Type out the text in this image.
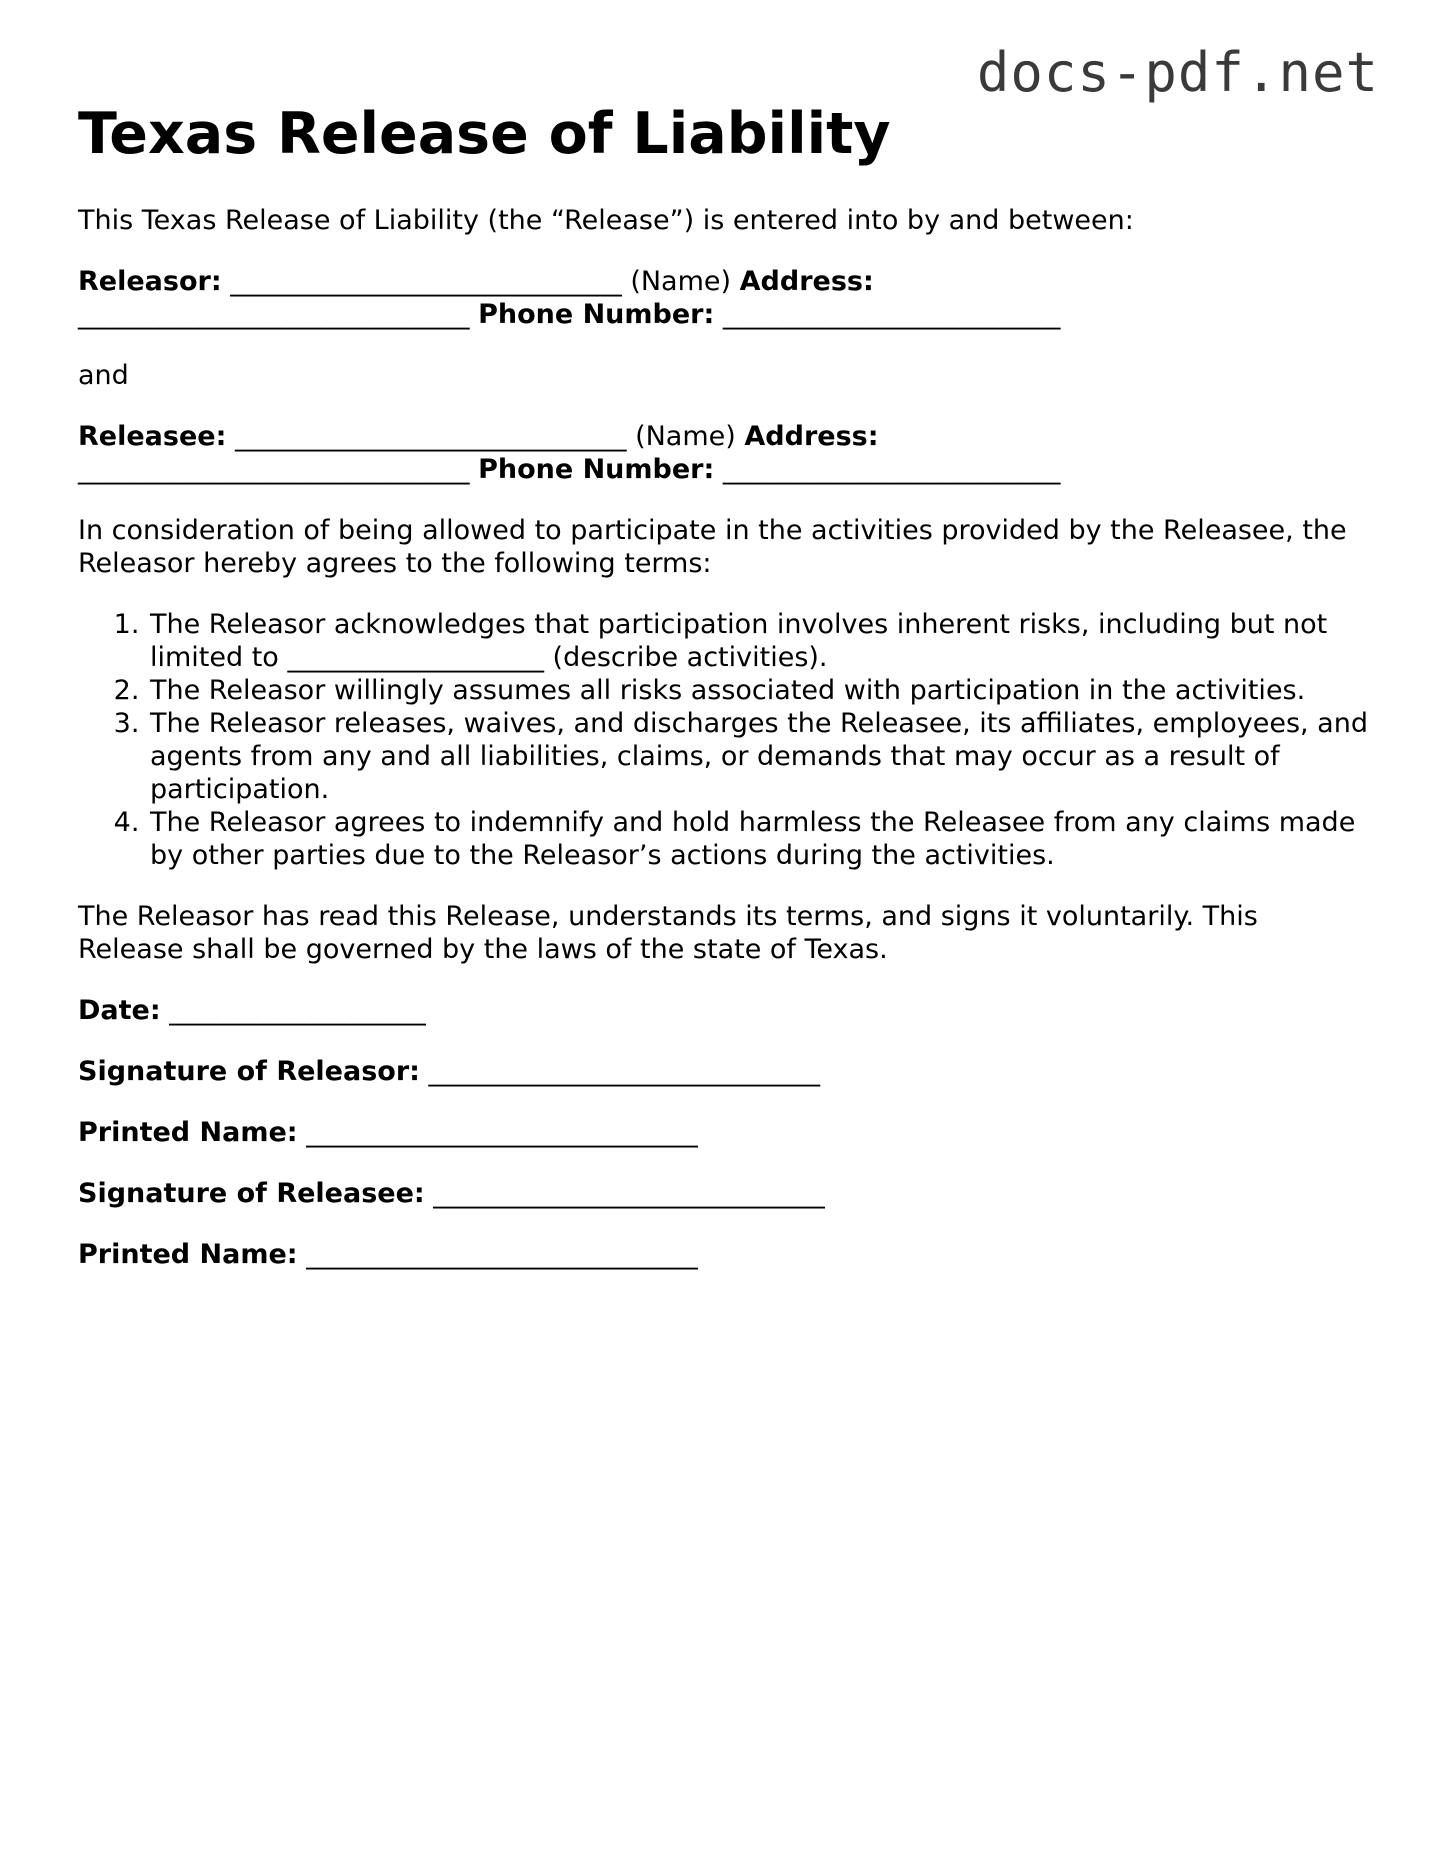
docs-pdf.net
Texas Release of Liability

This Texas Release of Liability (the “Release”) is entered into by and between:

Releasor: _____________________________ (Name) Address:
_____________________________ Phone Number: _________________________

and

Releasee: _____________________________ (Name) Address:
_____________________________ Phone Number: _________________________

In consideration of being allowed to participate in the activities provided by the Releasee, the Releasor hereby agrees to the following terms:

1. The Releasor acknowledges that participation involves inherent risks, including but not limited to ___________________ (describe activities).
2. The Releasor willingly assumes all risks associated with participation in the activities.
3. The Releasor releases, waives, and discharges the Releasee, its affiliates, employees, and agents from any and all liabilities, claims, or demands that may occur as a result of participation.
4. The Releasor agrees to indemnify and hold harmless the Releasee from any claims made by other parties due to the Releasor’s actions during the activities.

The Releasor has read this Release, understands its terms, and signs it voluntarily. This Release shall be governed by the laws of the state of Texas.

Date: ___________________

Signature of Releasor: _____________________________

Printed Name: _____________________________

Signature of Releasee: _____________________________

Printed Name: _____________________________
